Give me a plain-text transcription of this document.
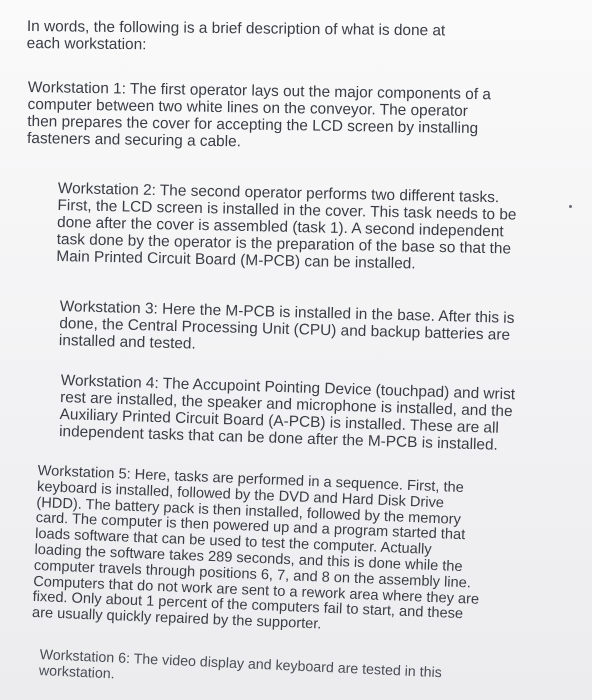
In words, the following is a brief description of what is done at
each workstation:

Workstation 1: The first operator lays out the major components of a
computer between two white lines on the conveyor. The operator
then prepares the cover for accepting the LCD screen by installing
fasteners and securing a cable.

Workstation 2: The second operator performs two different tasks.
First, the LCD screen is installed in the cover. This task needs to be
done after the cover is assembled (task 1). A second independent
task done by the operator is the preparation of the base so that the
Main Printed Circuit Board (M-PCB) can be installed.

Workstation 3: Here the M-PCB is installed in the base. After this is
done, the Central Processing Unit (CPU) and backup batteries are
installed and tested.

Workstation 4: The Accupoint Pointing Device (touchpad) and wrist
rest are installed, the speaker and microphone is installed, and the
Auxiliary Printed Circuit Board (A-PCB) is installed. These are all
independent tasks that can be done after the M-PCB is installed.

Workstation 5: Here, tasks are performed in a sequence. First, the
keyboard is installed, followed by the DVD and Hard Disk Drive
(HDD). The battery pack is then installed, followed by the memory
card. The computer is then powered up and a program started that
loads software that can be used to test the computer. Actually
loading the software takes 289 seconds, and this is done while the
computer travels through positions 6, 7, and 8 on the assembly line.
Computers that do not work are sent to a rework area where they are
fixed. Only about 1 percent of the computers fail to start, and these
are usually quickly repaired by the supporter.

Workstation 6: The video display and keyboard are tested in this
workstation.
